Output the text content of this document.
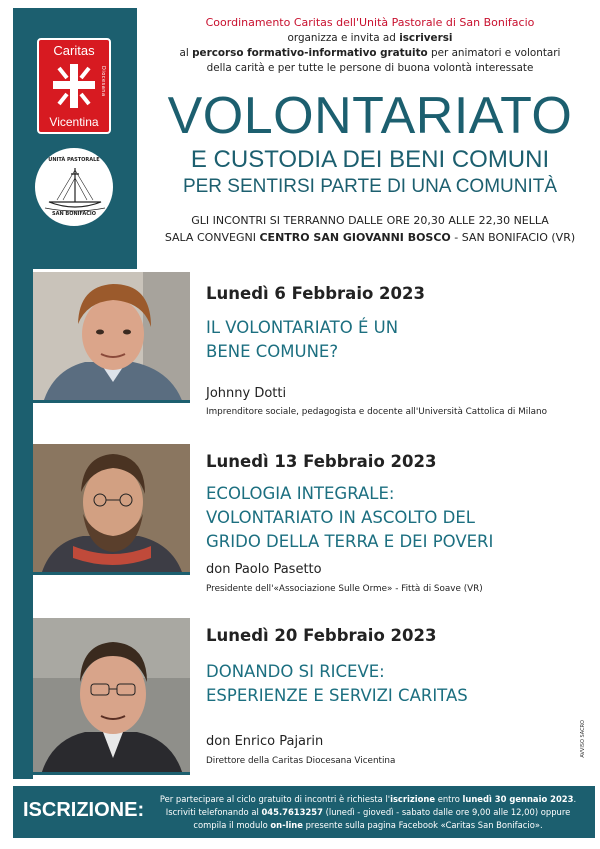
Caritas
Diocesana
Vicentina
UNITÀ PASTORALE
SAN BONIFACIO
Coordinamento Caritas dell'Unità Pastorale di San Bonifacio
organizza e invita ad iscriversi
al percorso formativo-informativo gratuito per animatori e volontari
della carità e per tutte le persone di buona volontà interessate
VOLONTARIATO
E CUSTODIA DEI BENI COMUNI
PER SENTIRSI PARTE DI UNA COMUNITÀ
GLI INCONTRI SI TERRANNO DALLE ORE 20,30 ALLE 22,30 NELLA
SALA CONVEGNI CENTRO SAN GIOVANNI BOSCO - SAN BONIFACIO (VR)
Lunedì 6 Febbraio 2023
IL VOLONTARIATO É UN
BENE COMUNE?
Johnny Dotti
Imprenditore sociale, pedagogista e docente all'Università Cattolica di Milano
Lunedì 13 Febbraio 2023
ECOLOGIA INTEGRALE:
VOLONTARIATO IN ASCOLTO DEL
GRIDO DELLA TERRA E DEI POVERI
don Paolo Pasetto
Presidente dell'«Associazione Sulle Orme» - Fittà di Soave (VR)
Lunedì 20 Febbraio 2023
DONANDO SI RICEVE:
ESPERIENZE E SERVIZI CARITAS
don Enrico Pajarin
Direttore della Caritas Diocesana Vicentina
AVVISO SACRO
ISCRIZIONE:	Per partecipare al ciclo gratuito di incontri è richiesta l'iscrizione entro lunedì 30 gennaio 2023.
Iscriviti telefonando al 045.7613257 (lunedì - giovedì - sabato dalle ore 9,00 alle 12,00) oppure
compila il modulo on-line presente sulla pagina Facebook «Caritas San Bonifacio».
